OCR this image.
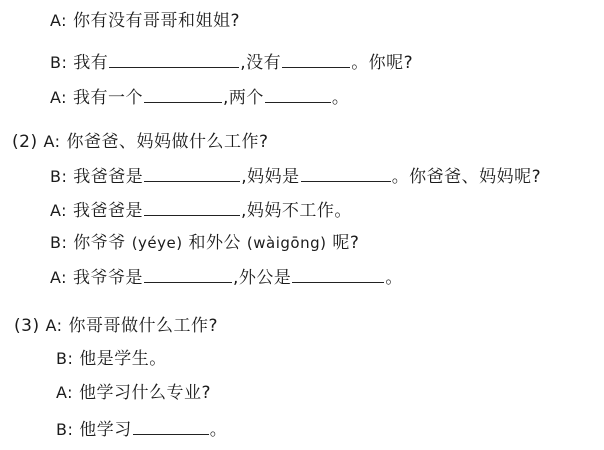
A: 你有没有哥哥和姐姐?
B: 我有	,没有	。你呢?
A: 我有一个	,两个	。
(2) A: 你爸爸、妈妈做什么工作?
B: 我爸爸是	,妈妈是	。你爸爸、妈妈呢?
A: 我爸爸是	,妈妈不工作。
B: 你爷爷 (yéye) 和外公 (wàigōng) 呢?
A: 我爷爷是	,外公是	。
(3) A: 你哥哥做什么工作?
B: 他是学生。
A: 他学习什么专业?
B: 他学习	。
